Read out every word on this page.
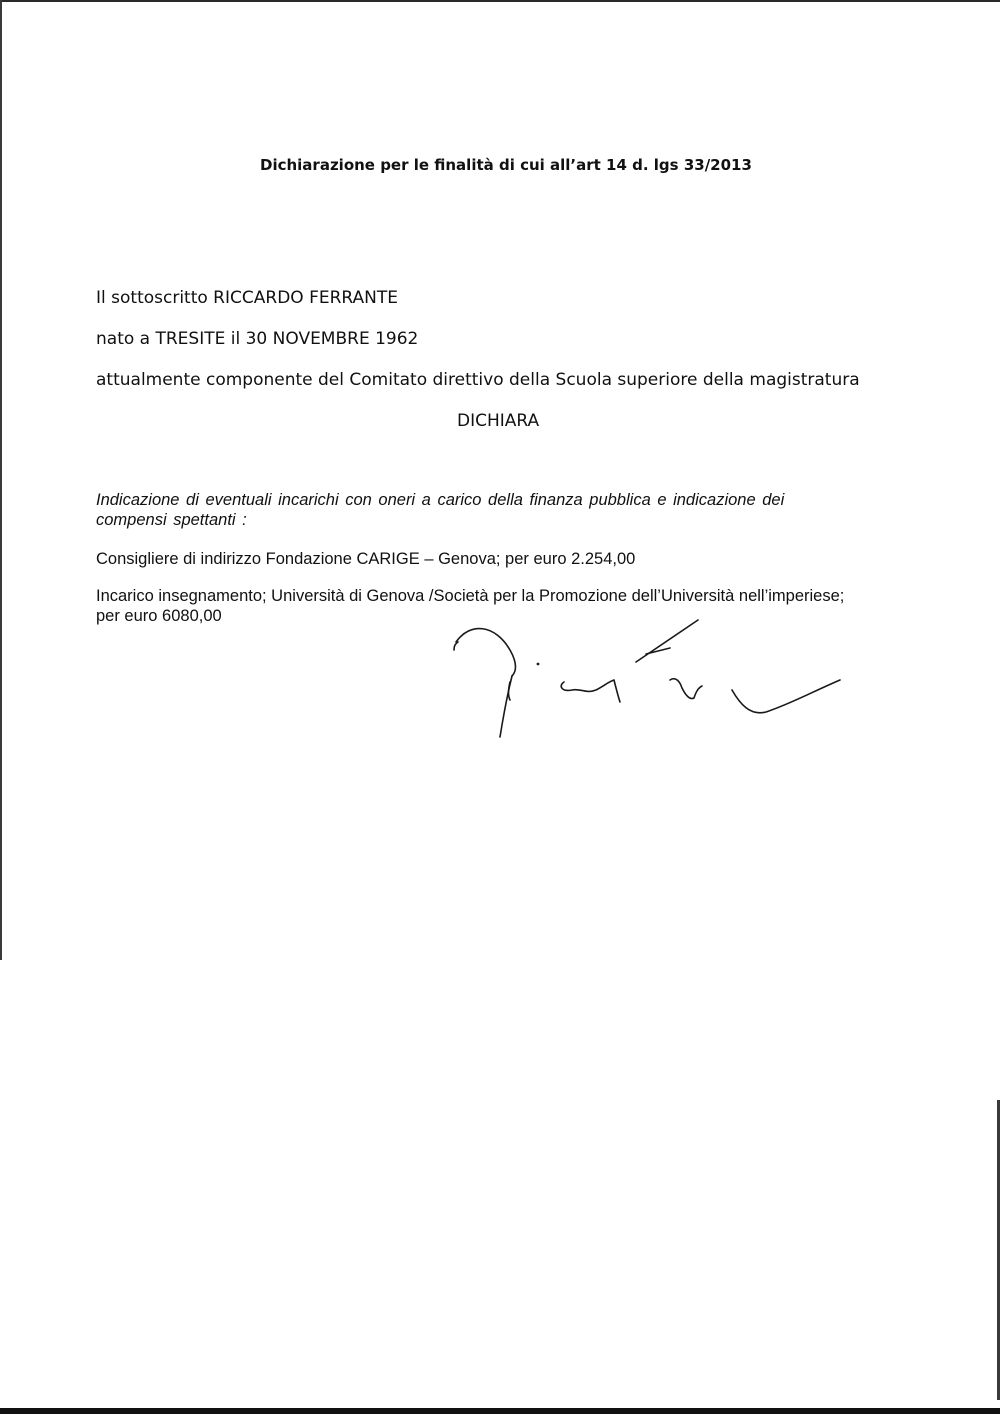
Dichiarazione per le finalità di cui all’art 14 d. lgs 33/2013
Il sottoscritto RICCARDO FERRANTE
nato a TRESITE il 30 NOVEMBRE 1962
attualmente componente del Comitato direttivo della Scuola superiore della magistratura
DICHIARA
Indicazione di eventuali incarichi con oneri a carico della finanza pubblica e indicazione dei compensi spettanti :
Consigliere di indirizzo Fondazione CARIGE – Genova; per euro 2.254,00
Incarico insegnamento; Università di Genova /Società per la Promozione dell’Università nell’imperiese; per euro 6080,00
